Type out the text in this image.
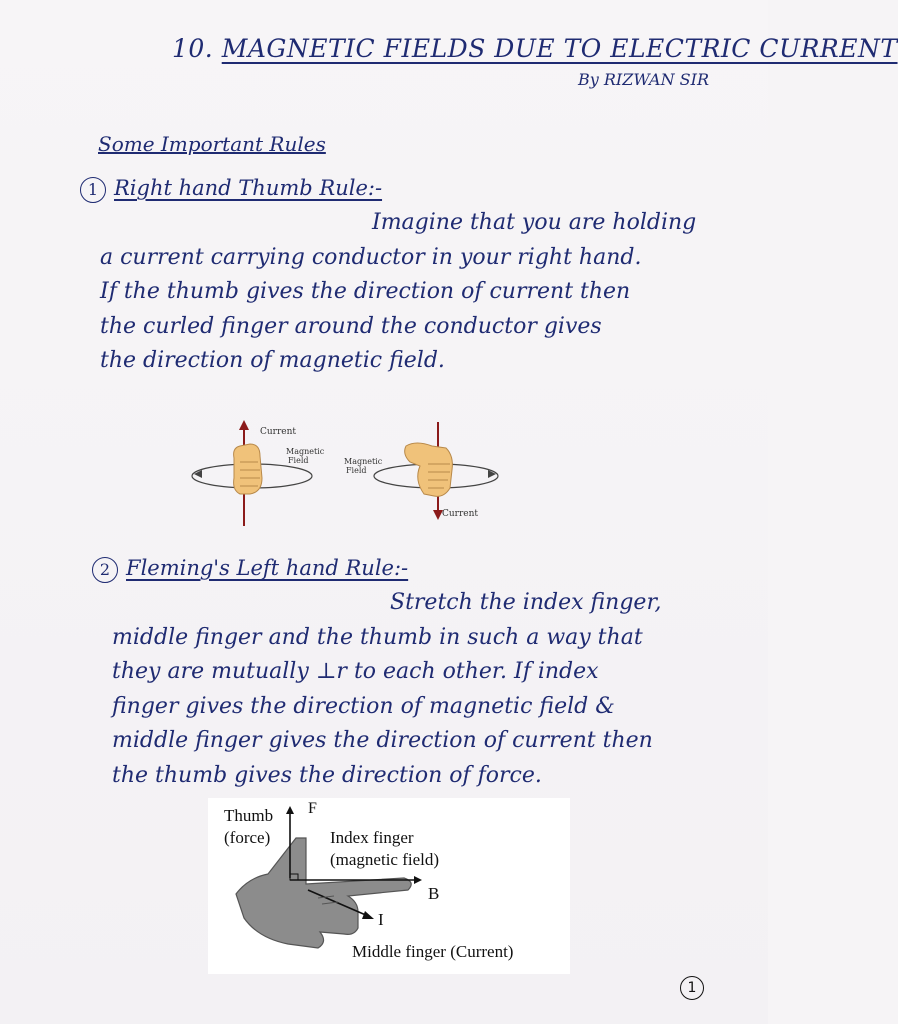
10. MAGNETIC FIELDS DUE TO ELECTRIC CURRENT
By RIZWAN SIR
Some Important Rules
1 Right hand Thumb Rule:-

Imagine that you are holding
a current carrying conductor in your right hand.
If the thumb gives the direction of current then
the curled finger around the conductor gives
the direction of magnetic field.

Current
Magnetic
Field	Magnetic
Field
Current
2 Fleming's Left hand Rule:-

Stretch the index finger,
middle finger and the thumb in such a way that
they are mutually ⊥r to each other. If index
finger gives the direction of magnetic field &
middle finger gives the direction of current then
the thumb gives the direction of force.

Thumb
(force)
F
Index finger
(magnetic field)
B
I
Middle finger (Current)
1
